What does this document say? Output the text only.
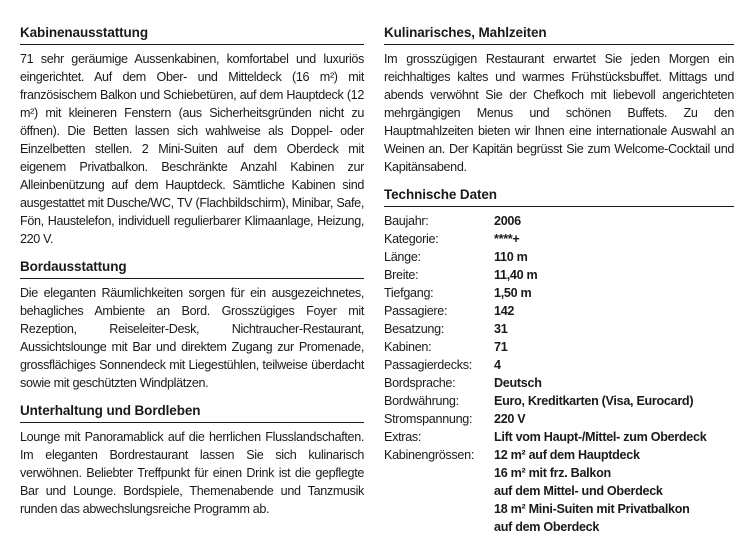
Kabinenausstattung

71 sehr geräumige Aussenkabinen, komfortabel und luxuriös eingerichtet. Auf dem Ober- und Mitteldeck (16 m²) mit französischem Balkon und Schiebetüren, auf dem Hauptdeck (12 m²) mit kleineren Fenstern (aus Sicherheitsgründen nicht zu öffnen). Die Betten lassen sich wahlweise als Doppel- oder Einzelbetten stellen. 2 Mini-Suiten auf dem Oberdeck mit eigenem Privatbalkon. Beschränkte Anzahl Kabinen zur Alleinbenützung auf dem Hauptdeck. Sämtliche Kabinen sind ausgestattet mit Dusche/WC, TV (Flachbildschirm), Minibar, Safe, Fön, Haustelefon, individuell regulierbarer Klimaanlage, Heizung, 220 V.

Bordausstattung

Die eleganten Räumlichkeiten sorgen für ein ausgezeichnetes, behagliches Ambiente an Bord. Grosszügiges Foyer mit Rezeption, Reiseleiter-Desk, Nichtraucher-Restaurant, Aussichtslounge mit Bar und direktem Zugang zur Promenade, grossflächiges Sonnendeck mit Liegestühlen, teilweise überdacht sowie mit geschützten Windplätzen.

Unterhaltung und Bordleben

Lounge mit Panoramablick auf die herrlichen Flusslandschaften. Im eleganten Bordrestaurant lassen Sie sich kulinarisch verwöhnen. Beliebter Treffpunkt für einen Drink ist die gepflegte Bar und Lounge. Bordspiele, Themenabende und Tanzmusik runden das abwechslungsreiche Programm ab.

Kulinarisches, Mahlzeiten

Im grosszügigen Restaurant erwartet Sie jeden Morgen ein reichhaltiges kaltes und warmes Frühstücksbuffet. Mittags und abends verwöhnt Sie der Chefkoch mit liebevoll angerichteten mehrgängigen Menus und schönen Buffets. Zu den Hauptmahlzeiten bieten wir Ihnen eine internationale Auswahl an Weinen an. Der Kapitän begrüsst Sie zum Welcome-Cocktail und Kapitänsabend.

Technische Daten
Baujahr:	2006
Kategorie:	****+
Länge:	110 m
Breite:	11,40 m
Tiefgang:	1,50 m
Passagiere:	142
Besatzung:	31
Kabinen:	71
Passagierdecks:	4
Bordsprache:	Deutsch
Bordwährung:	Euro, Kreditkarten (Visa, Eurocard)
Stromspannung:	220 V
Extras:	Lift vom Haupt-/Mittel- zum Oberdeck
Kabinengrössen:	12 m² auf dem Hauptdeck
16 m² mit frz. Balkon
auf dem Mittel- und Oberdeck
18 m² Mini-Suiten mit Privatbalkon
auf dem Oberdeck
